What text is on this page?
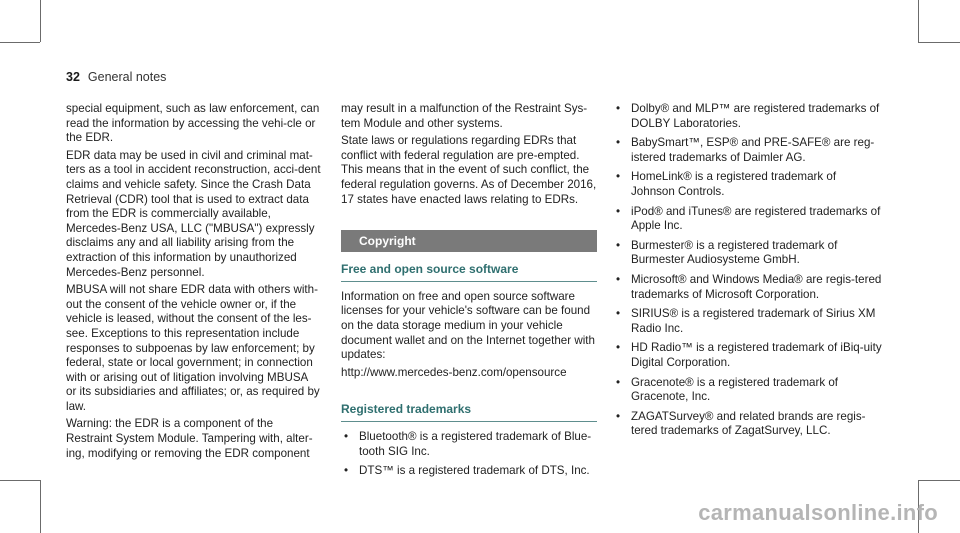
32 General notes

special equipment, such as law enforcement, can read the information by accessing the vehi-cle or the EDR.

EDR data may be used in civil and criminal mat-ters as a tool in accident reconstruction, acci-dent claims and vehicle safety. Since the Crash Data Retrieval (CDR) tool that is used to extract data from the EDR is commercially available, Mercedes-Benz USA, LLC ("MBUSA") expressly disclaims any and all liability arising from the extraction of this information by unauthorized Mercedes-Benz personnel.

MBUSA will not share EDR data with others with-out the consent of the vehicle owner or, if the vehicle is leased, without the consent of the les-see. Exceptions to this representation include responses to subpoenas by law enforcement; by federal, state or local government; in connection with or arising out of litigation involving MBUSA or its subsidiaries and affiliates; or, as required by law.

Warning: the EDR is a component of the Restraint System Module. Tampering with, alter-ing, modifying or removing the EDR component

may result in a malfunction of the Restraint Sys-tem Module and other systems.

State laws or regulations regarding EDRs that conflict with federal regulation are pre-empted. This means that in the event of such conflict, the federal regulation governs. As of December 2016, 17 states have enacted laws relating to EDRs.

Copyright
Free and open source software

Information on free and open source software licenses for your vehicle's software can be found on the data storage medium in your vehicle document wallet and on the Internet together with updates:

http://www.mercedes-benz.com/opensource

Registered trademarks
• Bluetooth® is a registered trademark of Blue-tooth SIG Inc.
• DTS™ is a registered trademark of DTS, Inc.
• Dolby® and MLP™ are registered trademarks of DOLBY Laboratories.
• BabySmart™, ESP® and PRE-SAFE® are reg-istered trademarks of Daimler AG.
• HomeLink® is a registered trademark of Johnson Controls.
• iPod® and iTunes® are registered trademarks of Apple Inc.
• Burmester® is a registered trademark of Burmester Audiosysteme GmbH.
• Microsoft® and Windows Media® are regis-tered trademarks of Microsoft Corporation.
• SIRIUS® is a registered trademark of Sirius XM Radio Inc.
• HD Radio™ is a registered trademark of iBiq-uity Digital Corporation.
• Gracenote® is a registered trademark of Gracenote, Inc.
• ZAGATSurvey® and related brands are regis-tered trademarks of ZagatSurvey, LLC.
carmanualsonline.info
